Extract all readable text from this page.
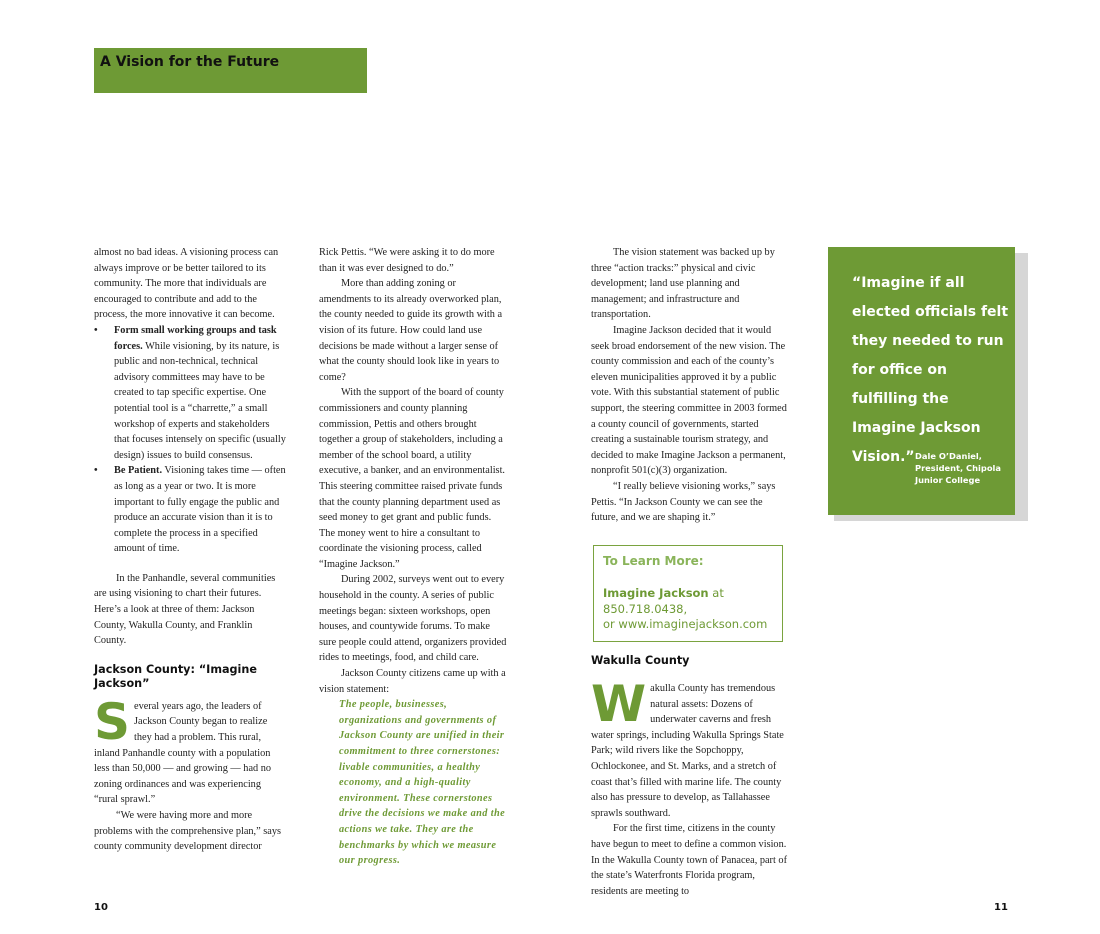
A Vision for the Future

almost no bad ideas. A visioning process can always improve or be better tailored to its community. The more that individuals are encouraged to contribute and add to the process, the more innovative it can become.

• Form small working groups and task forces. While visioning, by its nature, is public and non-technical, technical advisory committees may have to be created to tap specific expertise. One potential tool is a “charrette,” a small workshop of experts and stakeholders that focuses intensely on specific (usually design) issues to build consensus.
• Be Patient. Visioning takes time — often as long as a year or two. It is more important to fully engage the public and produce an accurate vision than it is to complete the process in a specified amount of time.

In the Panhandle, several communities are using visioning to chart their futures. Here’s a look at three of them: Jackson County, Wakulla County, and Franklin County.

Jackson County: “Imagine Jackson”

Several years ago, the leaders of Jackson County began to realize they had a problem. This rural, inland Panhandle county with a population less than 50,000 — and growing — had no zoning ordinances and was experiencing “rural sprawl.”

“We were having more and more problems with the comprehensive plan,” says county community development director

Rick Pettis. “We were asking it to do more than it was ever designed to do.”

More than adding zoning or amendments to its already overworked plan, the county needed to guide its growth with a vision of its future. How could land use decisions be made without a larger sense of what the county should look like in years to come?

With the support of the board of county commissioners and county planning commission, Pettis and others brought together a group of stakeholders, including a member of the school board, a utility executive, a banker, and an environmentalist. This steering committee raised private funds that the county planning department used as seed money to get grant and public funds. The money went to hire a consultant to coordinate the visioning process, called “Imagine Jackson.”

During 2002, surveys went out to every household in the county. A series of public meetings began: sixteen workshops, open houses, and countywide forums. To make sure people could attend, organizers provided rides to meetings, food, and child care.

Jackson County citizens came up with a vision statement:

The people, businesses, organizations and governments of Jackson County are unified in their commitment to three cornerstones: livable communities, a healthy economy, and a high-quality environment. These cornerstones drive the decisions we make and the actions we take. They are the benchmarks by which we measure our progress.

The vision statement was backed up by three “action tracks:” physical and civic development; land use planning and management; and infrastructure and transportation.

Imagine Jackson decided that it would seek broad endorsement of the new vision. The county commission and each of the county’s eleven municipalities approved it by a public vote. With this substantial statement of public support, the steering committee in 2003 formed a county council of governments, started creating a sustainable tourism strategy, and decided to make Imagine Jackson a permanent, nonprofit 501(c)(3) organization.

“I really believe visioning works,” says Pettis. “In Jackson County we can see the future, and we are shaping it.”

To Learn More:
Imagine Jackson at
850.718.0438,
or www.imaginejackson.com
Wakulla County

Wakulla County has tremendous natural assets: Dozens of underwater caverns and fresh water springs, including Wakulla Springs State Park; wild rivers like the Sopchoppy, Ochlockonee, and St. Marks, and a stretch of coast that’s filled with marine life. The county also has pressure to develop, as Tallahassee sprawls southward.

For the first time, citizens in the county have begun to meet to define a common vision. In the Wakulla County town of Panacea, part of the state’s Waterfronts Florida program, residents are meeting to

“Imagine if all elected officials felt they needed to run for office on fulfilling the Imagine Jackson Vision.” Dale O’Daniel,
President, Chipola
Junior College
10	11
